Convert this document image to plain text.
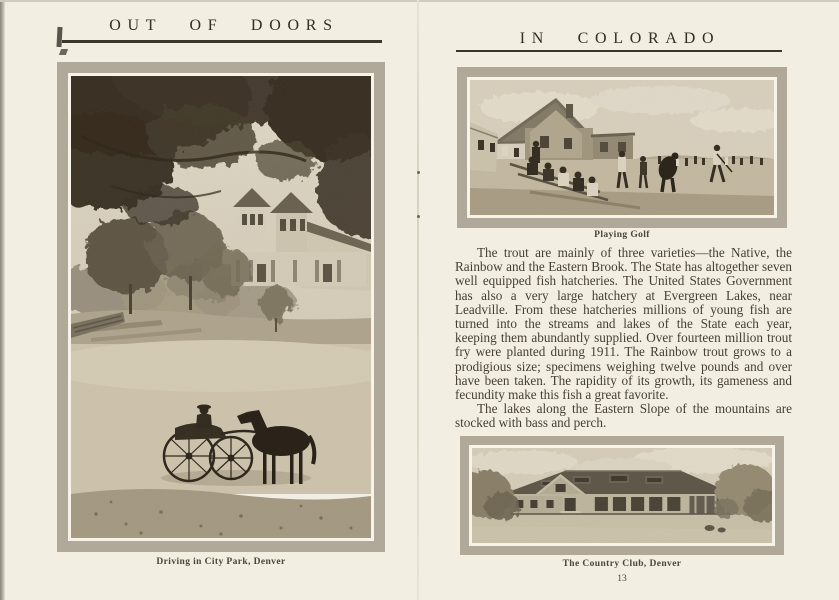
OUT OF DOORS
Driving in City Park, Denver
IN COLORADO
Playing Golf

The trout are mainly of three varieties—the Native, the Rainbow and the Eastern Brook. The State has altogether seven well equipped fish hatcheries. The United States Government has also a very large hatchery at Evergreen Lakes, near Leadville. From these hatcheries millions of young fish are turned into the streams and lakes of the State each year, keeping them abundantly supplied. Over fourteen million trout fry were planted during 1911. The Rainbow trout grows to a prodigious size; specimens weighing twelve pounds and over have been taken. The rapidity of its growth, its gameness and fecundity make this fish a great favorite.

The lakes along the Eastern Slope of the mountains are stocked with bass and perch.

The Country Club, Denver
13
